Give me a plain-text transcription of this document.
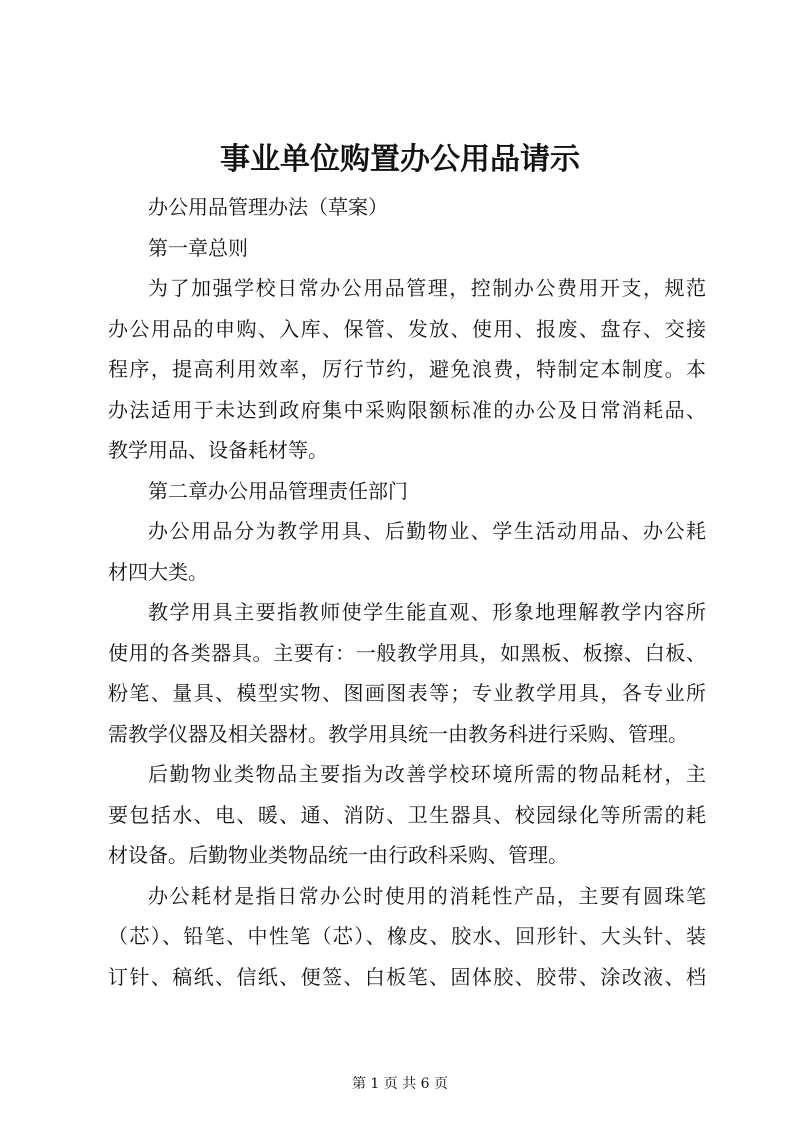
事业单位购置办公用品请示
办公用品管理办法（草案）
第一章总则
为了加强学校日常办公用品管理，控制办公费用开支，规范
办公用品的申购、入库、保管、发放、使用、报废、盘存、交接
程序，提高利用效率，厉行节约，避免浪费，特制定本制度。本
办法适用于未达到政府集中采购限额标准的办公及日常消耗品、
教学用品、设备耗材等。
第二章办公用品管理责任部门
办公用品分为教学用具、后勤物业、学生活动用品、办公耗
材四大类。
教学用具主要指教师使学生能直观、形象地理解教学内容所
使用的各类器具。主要有：一般教学用具，如黑板、板擦、白板、
粉笔、量具、模型实物、图画图表等；专业教学用具，各专业所
需教学仪器及相关器材。教学用具统一由教务科进行采购、管理。
后勤物业类物品主要指为改善学校环境所需的物品耗材，主
要包括水、电、暖、通、消防、卫生器具、校园绿化等所需的耗
材设备。后勤物业类物品统一由行政科采购、管理。
办公耗材是指日常办公时使用的消耗性产品，主要有圆珠笔
（芯）、铅笔、中性笔（芯）、橡皮、胶水、回形针、大头针、装
订针、稿纸、信纸、便签、白板笔、固体胶、胶带、涂改液、档
第 1 页 共 6 页
